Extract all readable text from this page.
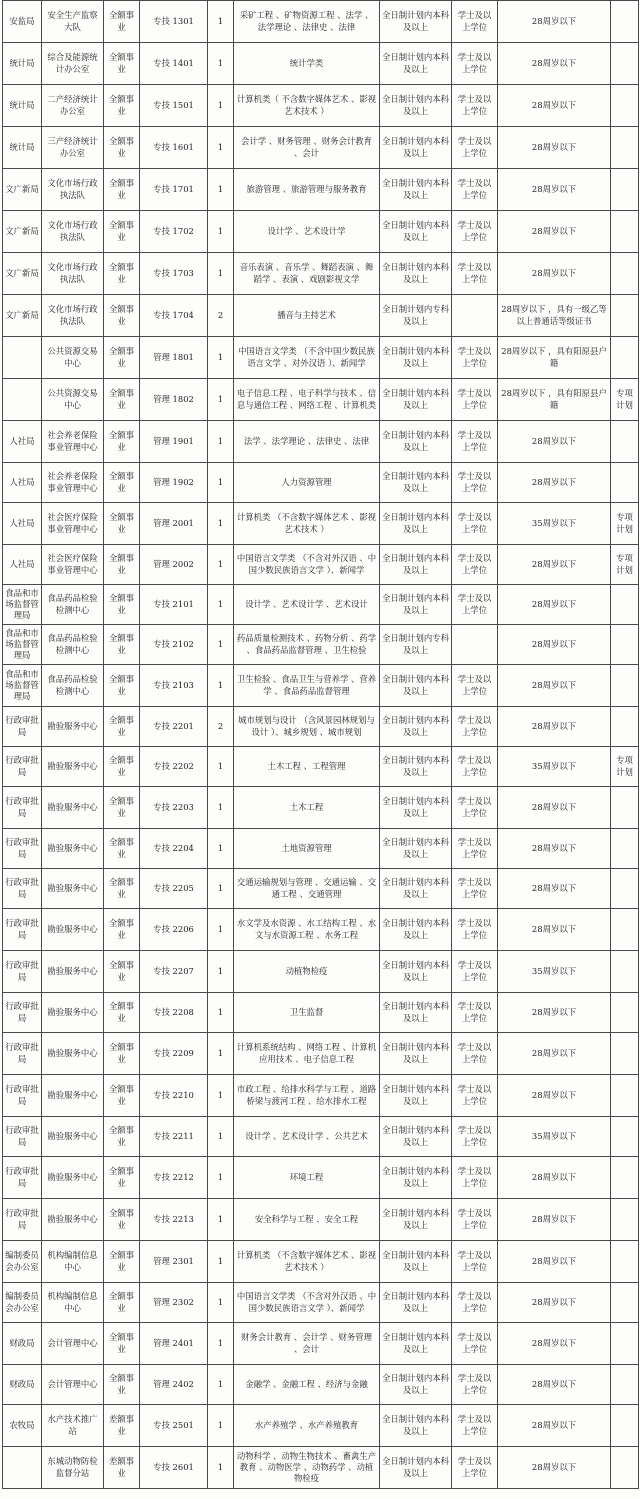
安监局	安全生产监察大队	全额事业	专技 1301	1	采矿工程 、矿物资源工程 、法学 、法学理论 、法律史 、法律	全日制计划内本科及以上	学士及以上学位	28周岁以下	
统计局	综合及能源统计办公室	全额事业	专技 1401	1	统计学类	全日制计划内本科及以上	学士及以上学位	28周岁以下	
统计局	二产经济统计办公室	全额事业	专技 1501	1	计算机类（ 不含数字媒体艺术 、影视艺术技术 ）	全日制计划内本科及以上	学士及以上学位	28周岁以下	
统计局	三产经济统计办公室	全额事业	专技 1601	1	会计学 、财务管理 、财务会计教育 、会计	全日制计划内本科及以上	学士及以上学位	28周岁以下	
文广新局	文化市场行政执法队	全额事业	专技 1701	1	旅游管理 、旅游管理与服务教育	全日制计划内本科及以上	学士及以上学位	28周岁以下	
文广新局	文化市场行政执法队	全额事业	专技 1702	1	设计学 、艺术设计学	全日制计划内本科及以上	学士及以上学位	28周岁以下	
文广新局	文化市场行政执法队	全额事业	专技 1703	1	音乐表演 、音乐学 、舞蹈表演 、舞蹈学 、表演 、戏剧影视文学	全日制计划内本科及以上	学士及以上学位	28周岁以下	
文广新局	文化市场行政执法队	全额事业	专技 1704	2	播音与主持艺术	全日制计划内专科及以上		28周岁以下 ，具有一级乙等以上普通话等级证书	
	公共资源交易中心	全额事业	管理 1801	1	中国语言文学类 （不含中国少数民族语言文学 、对外汉语 ）、新闻学	全日制计划内本科及以上	学士及以上学位	28周岁以下 ，具有阳原县户籍	
	公共资源交易中心	全额事业	管理 1802	1	电子信息工程 、电子科学与技术 、信息与通信工程 、网络工程 、计算机类	全日制计划内本科及以上	学士及以上学位	28周岁以下 ，具有阳原县户籍	专项计划
人社局	社会养老保险事业管理中心	全额事业	管理 1901	1	法学 、法学理论 、法律史 、法律	全日制计划内本科及以上	学士及以上学位	28周岁以下	
人社局	社会养老保险事业管理中心	全额事业	管理 1902	1	人力资源管理	全日制计划内本科及以上	学士及以上学位	28周岁以下	
人社局	社会医疗保险事业管理中心	全额事业	管理 2001	1	计算机类 （不含数字媒体艺术 、影视艺术技术 ）	全日制计划内本科及以上	学士及以上学位	35周岁以下	专项计划
人社局	社会医疗保险事业管理中心	全额事业	管理 2002	1	中国语言文学类 （不含对外汉语 、中国少数民族语言文学 ）、新闻学	全日制计划内本科及以上	学士及以上学位	28周岁以下	专项计划
食品和市场监督管理局	食品药品检验检测中心	全额事业	专技 2101	1	设计学 、艺术设计学 、艺术设计	全日制计划内本科及以上	学士及以上学位	28周岁以下	
食品和市场监督管理局	食品药品检验检测中心	全额事业	专技 2102	1	药品质量检测技术 、药物分析 、药学 、食品药品监督管理 、卫生检验	全日制计划内专科及以上		28周岁以下	
食品和市场监督管理局	食品药品检验检测中心	全额事业	专技 2103	1	卫生检验 、食品卫生与营养学 、营养学 、食品药品监督管理	全日制计划内本科及以上	学士及以上学位	28周岁以下	
行政审批局	勘验服务中心	全额事业	专技 2201	2	城市规划与设计 （含风景园林规划与设计 ）、城乡规划 、城市规划	全日制计划内本科及以上	学士及以上学位	28周岁以下	
行政审批局	勘验服务中心	全额事业	专技 2202	1	土木工程 、工程管理	全日制计划内本科及以上	学士及以上学位	35周岁以下	专项计划
行政审批局	勘验服务中心	全额事业	专技 2203	1	土木工程	全日制计划内本科及以上	学士及以上学位	28周岁以下	
行政审批局	勘验服务中心	全额事业	专技 2204	1	土地资源管理	全日制计划内本科及以上	学士及以上学位	28周岁以下	
行政审批局	勘验服务中心	全额事业	专技 2205	1	交通运输规划与管理 、交通运输 、交通工程 、交通管理	全日制计划内本科及以上	学士及以上学位	28周岁以下	
行政审批局	勘验服务中心	全额事业	专技 2206	1	水文学及水资源 、水工结构工程 、水文与水资源工程 、水务工程	全日制计划内本科及以上	学士及以上学位	28周岁以下	
行政审批局	勘验服务中心	全额事业	专技 2207	1	动植物检疫	全日制计划内本科及以上	学士及以上学位	35周岁以下	
行政审批局	勘验服务中心	全额事业	专技 2208	1	卫生监督	全日制计划内本科及以上	学士及以上学位	28周岁以下	
行政审批局	勘验服务中心	全额事业	专技 2209	1	计算机系统结构 、网络工程 、计算机应用技术 、电子信息工程	全日制计划内本科及以上	学士及以上学位	28周岁以下	
行政审批局	勘验服务中心	全额事业	专技 2210	1	市政工程 、给排水科学与工程 、道路桥梁与渡河工程 、给水排水工程	全日制计划内本科及以上	学士及以上学位	28周岁以下	
行政审批局	勘验服务中心	全额事业	专技 2211	1	设计学 、艺术设计学 、公共艺术	全日制计划内本科及以上	学士及以上学位	35周岁以下	
行政审批局	勘验服务中心	全额事业	专技 2212	1	环境工程	全日制计划内本科及以上	学士及以上学位	28周岁以下	
行政审批局	勘验服务中心	全额事业	专技 2213	1	安全科学与工程 、安全工程	全日制计划内本科及以上	学士及以上学位	28周岁以下	
编制委员会办公室	机构编制信息中心	全额事业	管理 2301	1	计算机类 （不含数字媒体艺术 、影视艺术技术 ）	全日制计划内本科及以上	学士及以上学位	28周岁以下	
编制委员会办公室	机构编制信息中心	全额事业	管理 2302	1	中国语言文学类 （不含对外汉语 、中国少数民族语言文学 ）、新闻学	全日制计划内本科及以上	学士及以上学位	28周岁以下	
财政局	会计管理中心	全额事业	管理 2401	1	财务会计教育 、会计学 、财务管理 、会计	全日制计划内本科及以上	学士及以上学位	28周岁以下	
财政局	会计管理中心	全额事业	管理 2402	1	金融学 、金融工程 、经济与金融	全日制计划内本科及以上	学士及以上学位	28周岁以下	
农牧局	水产技术推广站	差额事业	专技 2501	1	水产养殖学 、水产养殖教育	全日制计划内本科及以上	学士及以上学位	28周岁以下	
	东城动物防检监督分站	差额事业	专技 2601	1	动物科学 、动物生物技术 、畜禽生产教育 、动物医学 、动物药学 、动植物检疫	全日制计划内本科及以上	学士及以上学位	28周岁以下	
